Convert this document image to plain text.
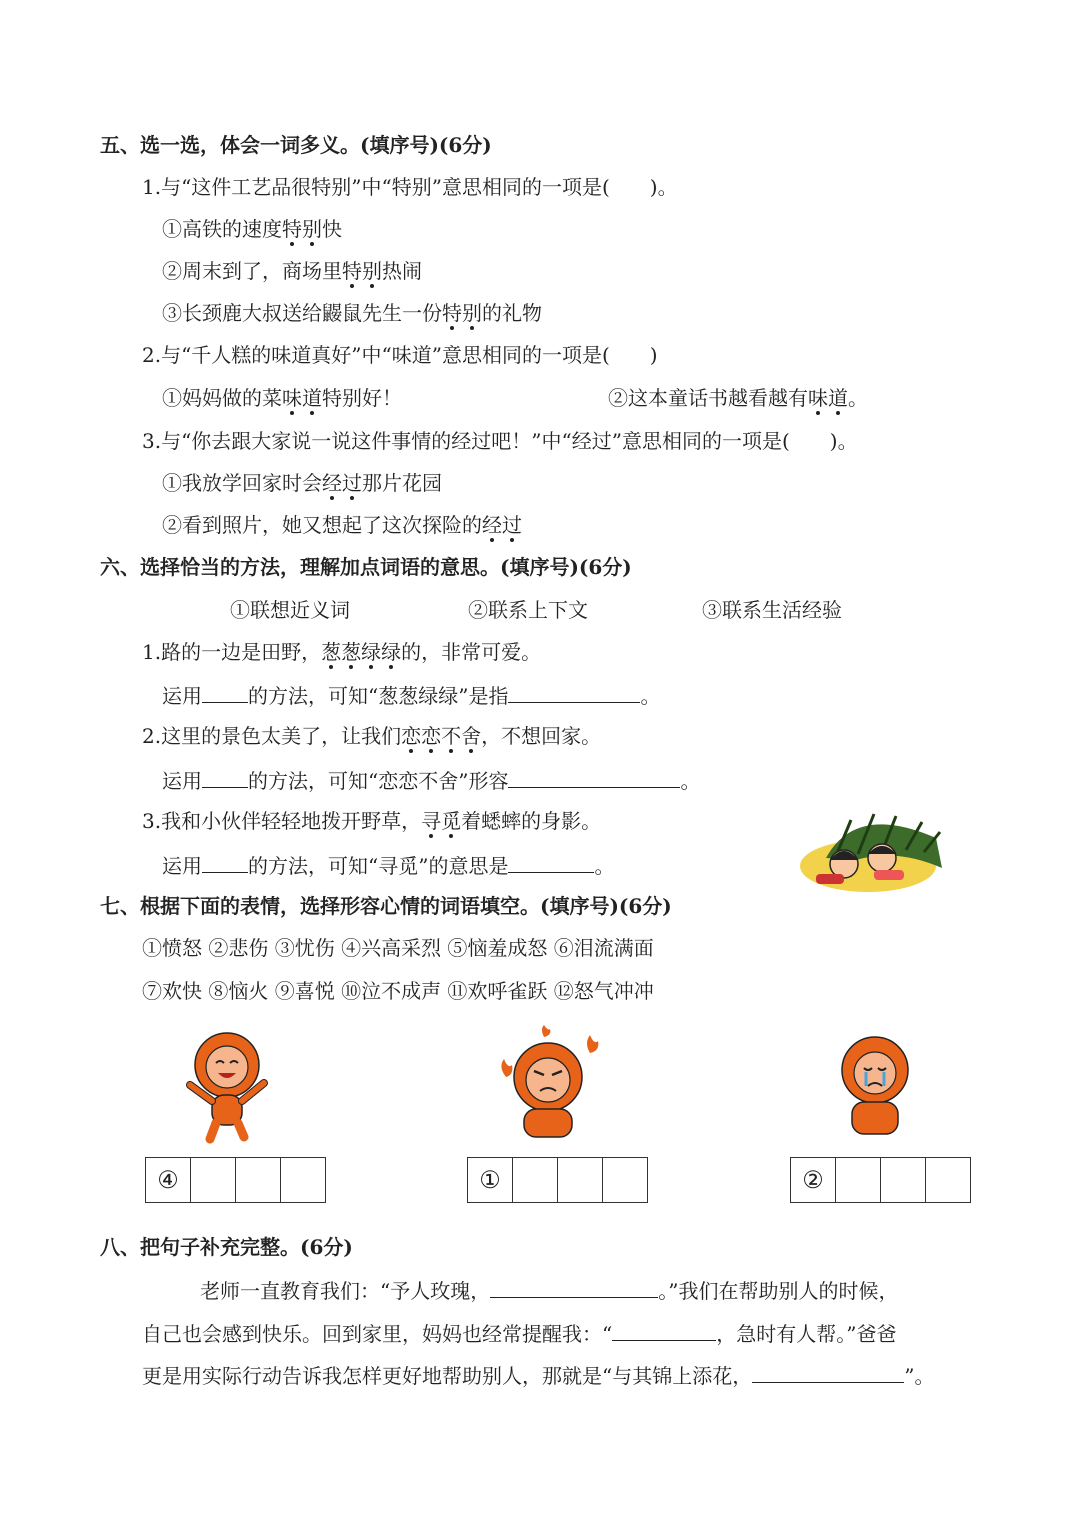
五、选一选，体会一词多义。(填序号)(6分)
1.与“这件工艺品很特别”中“特别”意思相同的一项是(　　)。
①高铁的速度特别快
②周末到了，商场里特别热闹
③长颈鹿大叔送给鼹鼠先生一份特别的礼物
2.与“千人糕的味道真好”中“味道”意思相同的一项是(　　)
①妈妈做的菜味道特别好！	②这本童话书越看越有味道。
3.与“你去跟大家说一说这件事情的经过吧！”中“经过”意思相同的一项是(　　)。
①我放学回家时会经过那片花园
②看到照片，她又想起了这次探险的经过
六、选择恰当的方法，理解加点词语的意思。(填序号)(6分)
①联想近义词	②联系上下文	③联系生活经验
1.路的一边是田野，葱葱绿绿的，非常可爱。
运用 的方法，可知“葱葱绿绿”是指	。
2.这里的景色太美了，让我们恋恋不舍，不想回家。
运用 的方法，可知“恋恋不舍”形容	。
3.我和小伙伴轻轻地拨开野草，寻觅着蟋蟀的身影。
运用 的方法，可知“寻觅”的意思是	。
七、根据下面的表情，选择形容心情的词语填空。(填序号)(6分)
①愤怒 ②悲伤 ③忧伤 ④兴高采烈 ⑤恼羞成怒 ⑥泪流满面
⑦欢快 ⑧恼火 ⑨喜悦 ⑩泣不成声 ⑪欢呼雀跃 ⑫怒气冲冲
④	①	②
八、把句子补充完整。(6分)
老师一直教育我们：“予人玫瑰，	。”我们在帮助别人的时候，
自己也会感到快乐。回到家里，妈妈也经常提醒我：“	，急时有人帮。”爸爸
更是用实际行动告诉我怎样更好地帮助别人，那就是“与其锦上添花，	”。
